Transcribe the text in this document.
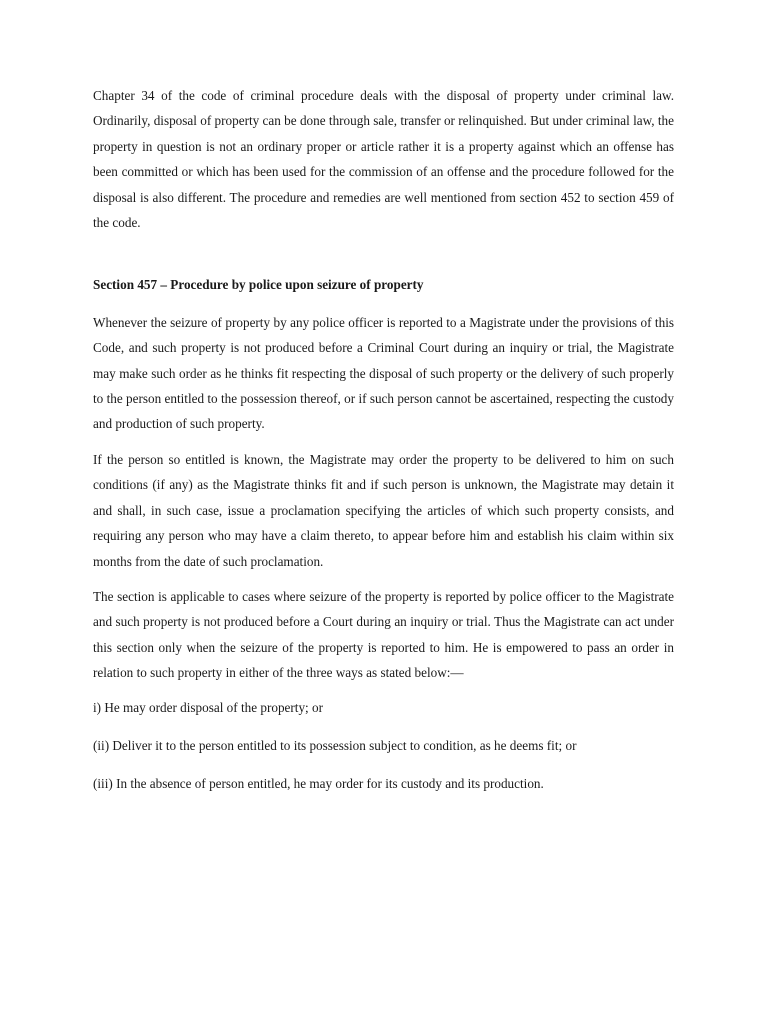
Chapter 34 of the code of criminal procedure deals with the disposal of property under criminal law. Ordinarily, disposal of property can be done through sale, transfer or relinquished. But under criminal law, the property in question is not an ordinary proper or article rather it is a property against which an offense has been committed or which has been used for the commission of an offense and the procedure followed for the disposal is also different. The procedure and remedies are well mentioned from section 452 to section 459 of the code.

Section 457 – Procedure by police upon seizure of property

Whenever the seizure of property by any police officer is reported to a Magistrate under the provisions of this Code, and such property is not produced before a Criminal Court during an inquiry or trial, the Magistrate may make such order as he thinks fit respecting the disposal of such property or the delivery of such properly to the person entitled to the possession thereof, or if such person cannot be ascertained, respecting the custody and production of such property.

If the person so entitled is known, the Magistrate may order the property to be delivered to him on such conditions (if any) as the Magistrate thinks fit and if such person is unknown, the Magistrate may detain it and shall, in such case, issue a proclamation specifying the articles of which such property consists, and requiring any person who may have a claim thereto, to appear before him and establish his claim within six months from the date of such proclamation.

The section is applicable to cases where seizure of the property is reported by police officer to the Magistrate and such property is not produced before a Court during an inquiry or trial. Thus the Magistrate can act under this section only when the seizure of the property is reported to him. He is empowered to pass an order in relation to such property in either of the three ways as stated below:—

i) He may order disposal of the property; or

(ii) Deliver it to the person entitled to its possession subject to condition, as he deems fit; or

(iii) In the absence of person entitled, he may order for its custody and its production.
